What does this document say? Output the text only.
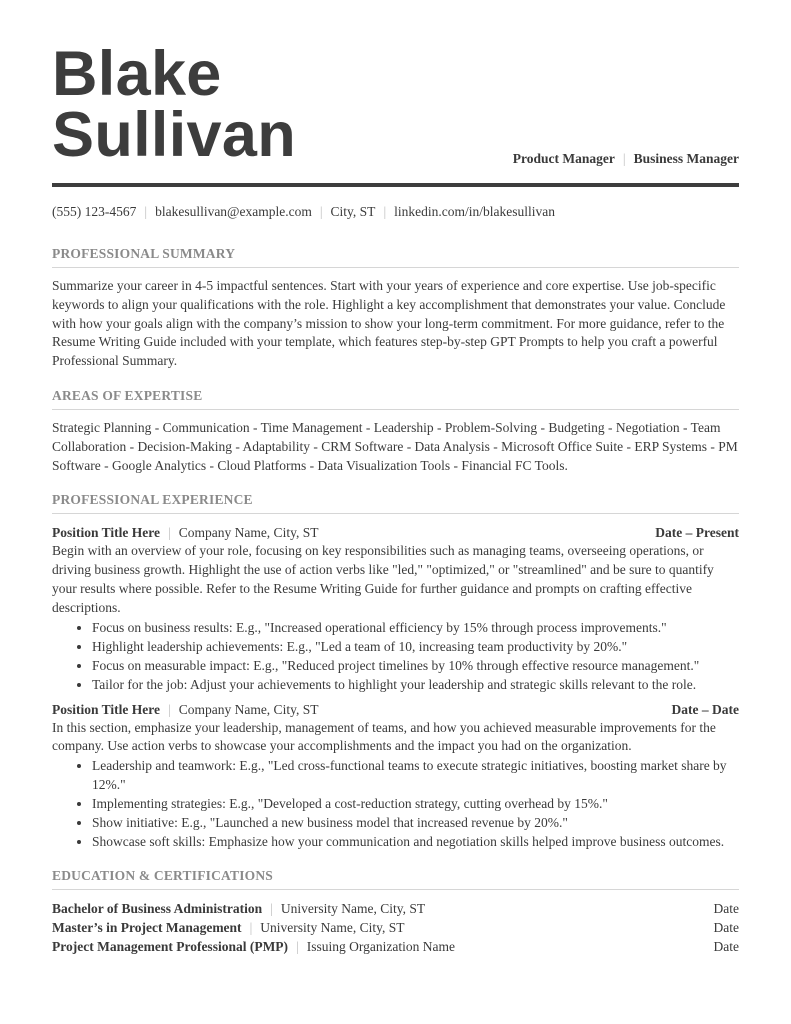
Blake
Sullivan	Product Manager | Business Manager
(555) 123-4567 | blakesullivan@example.com | City, ST | linkedin.com/in/blakesullivan
PROFESSIONAL SUMMARY

Summarize your career in 4-5 impactful sentences. Start with your years of experience and core expertise. Use job-specific keywords to align your qualifications with the role. Highlight a key accomplishment that demonstrates your value. Conclude with how your goals align with the company’s mission to show your long-term commitment. For more guidance, refer to the Resume Writing Guide included with your template, which features step-by-step GPT Prompts to help you craft a powerful Professional Summary.

AREAS OF EXPERTISE

Strategic Planning - Communication - Time Management - Leadership - Problem-Solving - Budgeting - Negotiation - Team Collaboration - Decision-Making - Adaptability - CRM Software - Data Analysis - Microsoft Office Suite - ERP Systems - PM Software - Google Analytics - Cloud Platforms - Data Visualization Tools - Financial FC Tools.

PROFESSIONAL EXPERIENCE
Position Title Here | Company Name, City, ST	Date – Present

Begin with an overview of your role, focusing on key responsibilities such as managing teams, overseeing operations, or driving business growth. Highlight the use of action verbs like "led," "optimized," or "streamlined" and be sure to quantify your results where possible. Refer to the Resume Writing Guide for further guidance and prompts on crafting effective descriptions.

• Focus on business results: E.g., "Increased operational efficiency by 15% through process improvements."
• Highlight leadership achievements: E.g., "Led a team of 10, increasing team productivity by 20%."
• Focus on measurable impact: E.g., "Reduced project timelines by 10% through effective resource management."
• Tailor for the job: Adjust your achievements to highlight your leadership and strategic skills relevant to the role.
Position Title Here | Company Name, City, ST	Date – Date

In this section, emphasize your leadership, management of teams, and how you achieved measurable improvements for the company. Use action verbs to showcase your accomplishments and the impact you had on the organization.

• Leadership and teamwork: E.g., "Led cross-functional teams to execute strategic initiatives, boosting market share by 12%."
• Implementing strategies: E.g., "Developed a cost-reduction strategy, cutting overhead by 15%."
• Show initiative: E.g., "Launched a new business model that increased revenue by 20%."
• Showcase soft skills: Emphasize how your communication and negotiation skills helped improve business outcomes.
EDUCATION & CERTIFICATIONS
Bachelor of Business Administration | University Name, City, ST	Date
Master’s in Project Management | University Name, City, ST	Date
Project Management Professional (PMP) | Issuing Organization Name	Date
